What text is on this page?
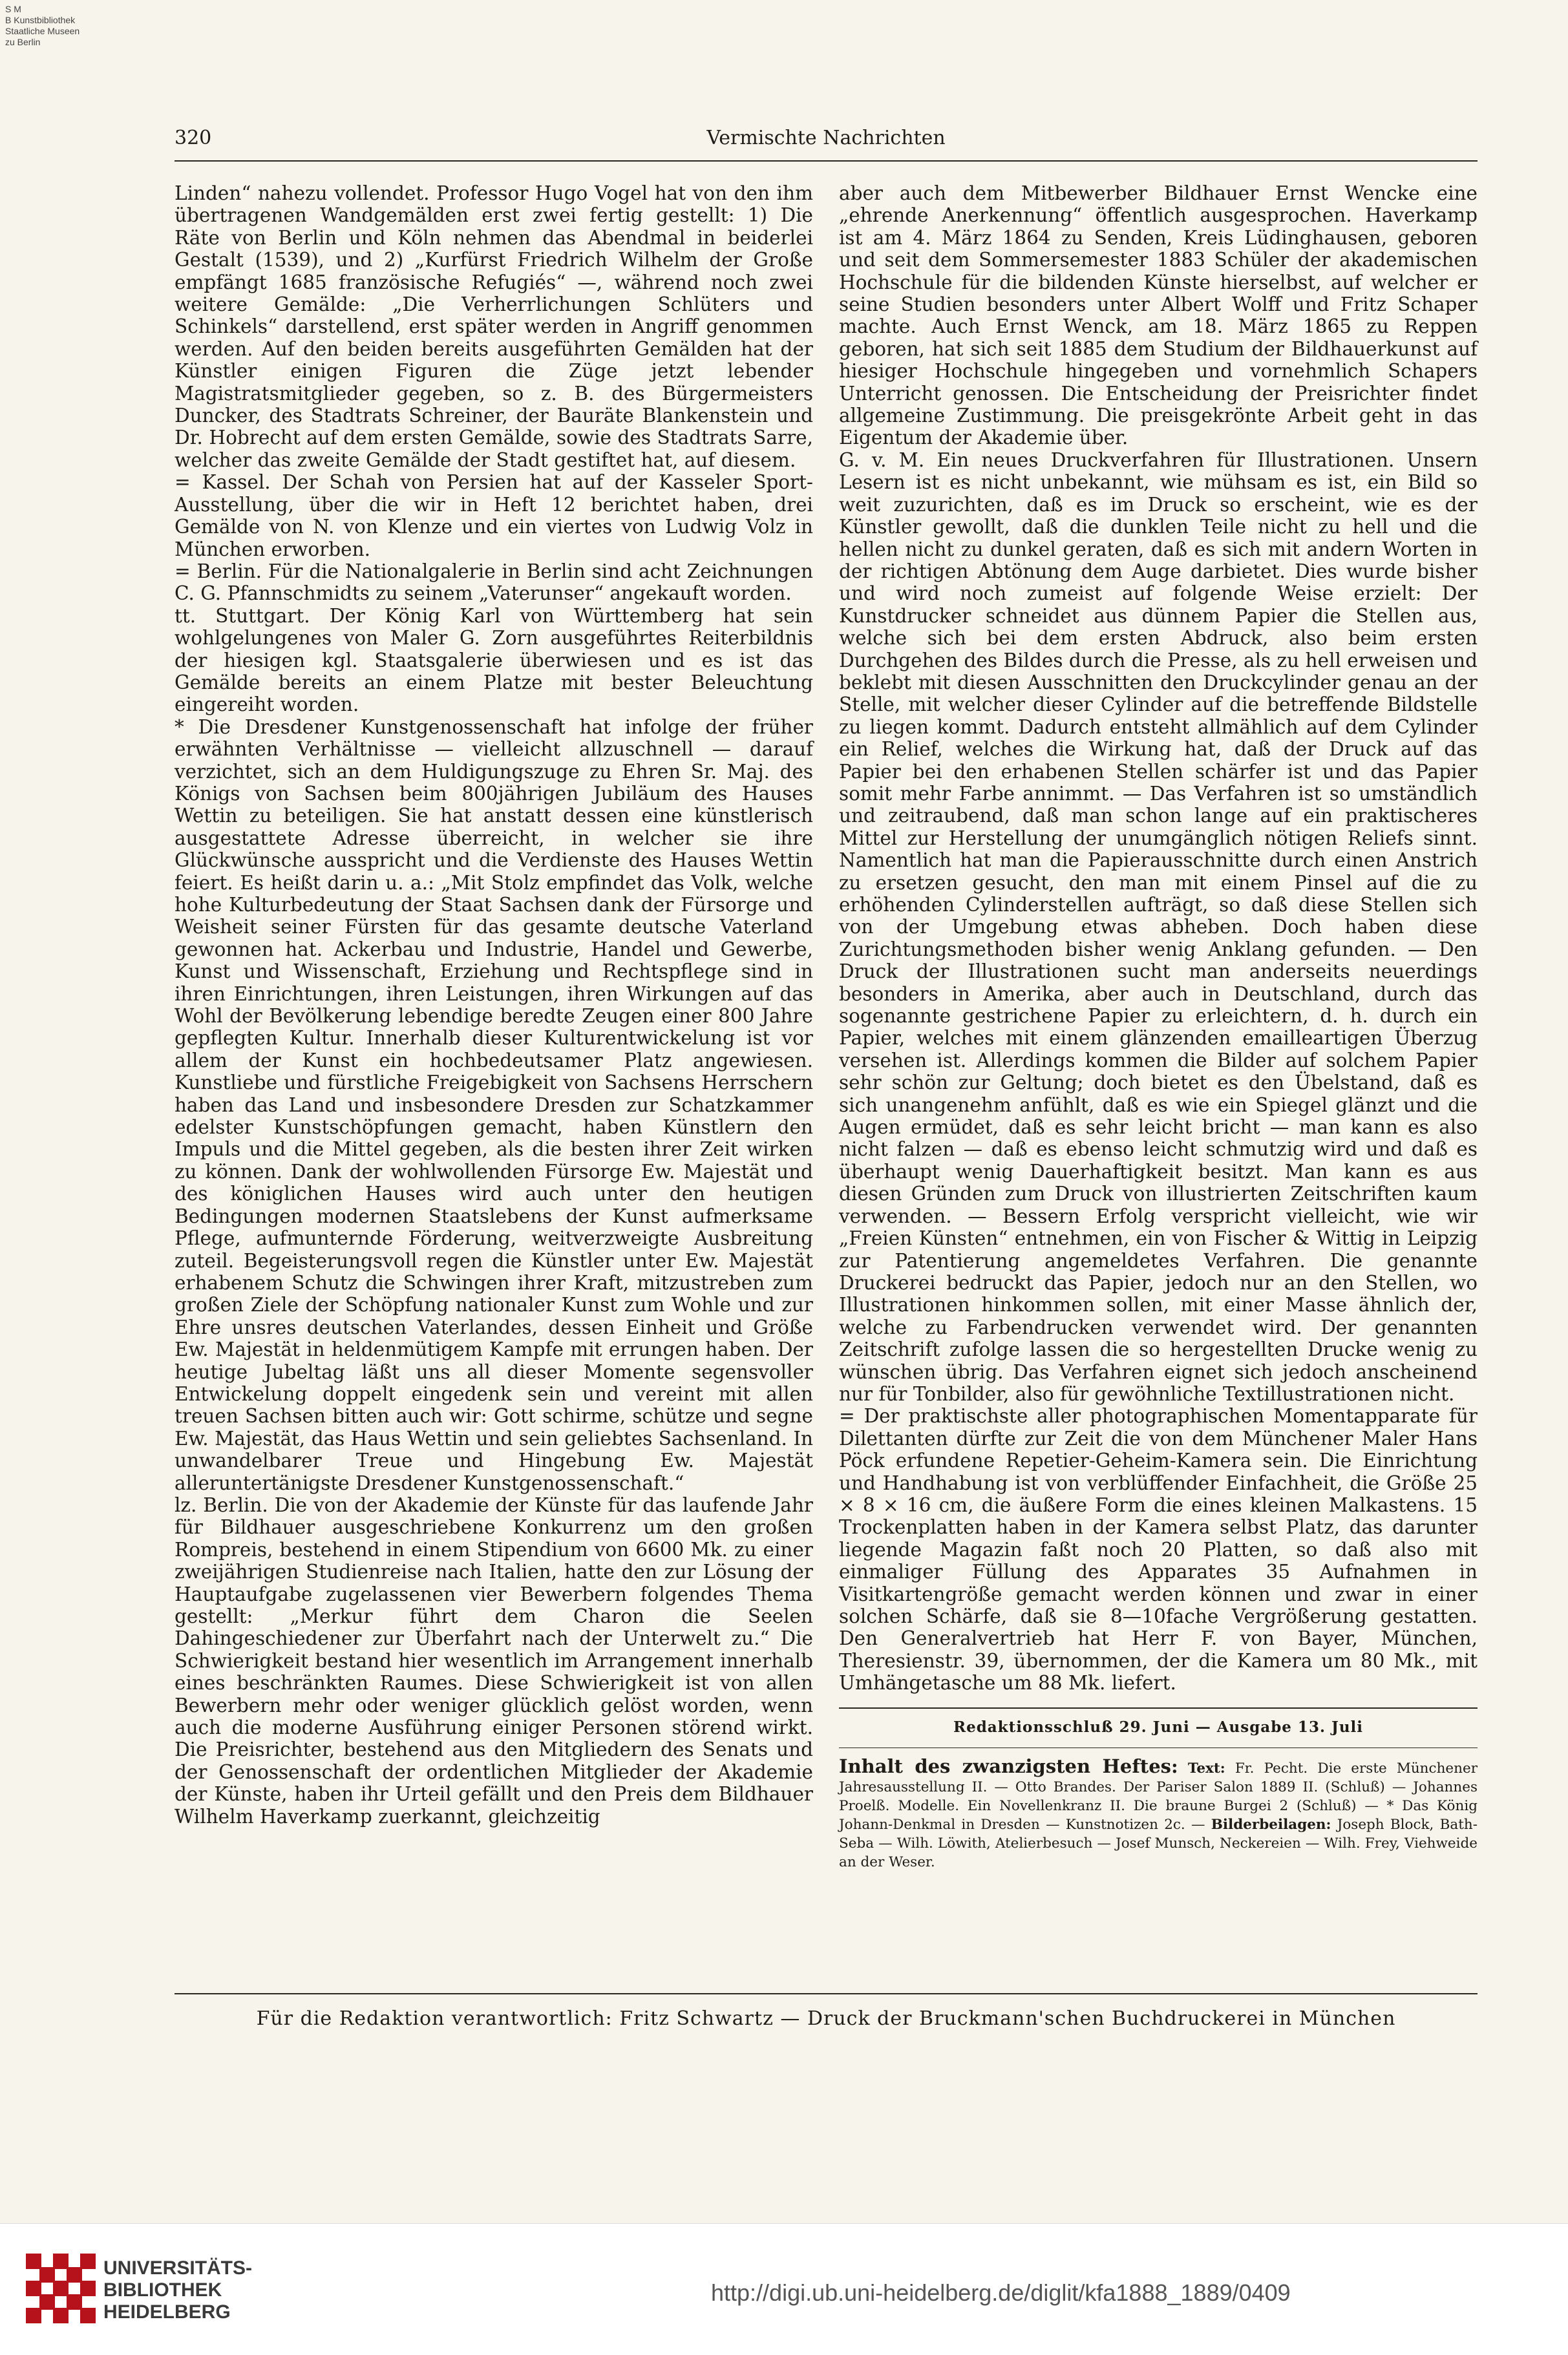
S M
B Kunstbibliothek
Staatliche Museen
zu Berlin
320	Vermischte Nachrichten

Linden“ nahezu vollendet. Professor Hugo Vogel hat von den ihm übertragenen Wandgemälden erst zwei fertig gestellt: 1) Die Räte von Berlin und Köln nehmen das Abendmal in beiderlei Gestalt (1539), und 2) „Kurfürst Friedrich Wilhelm der Große empfängt 1685 französische Refugiés“ —, während noch zwei weitere Gemälde: „Die Verherrlichungen Schlüters und Schinkels“ darstellend, erst später werden in Angriff genommen werden. Auf den beiden bereits ausgeführten Gemälden hat der Künstler einigen Figuren die Züge jetzt lebender Magistratsmitglieder gegeben, so z. B. des Bürgermeisters Duncker, des Stadtrats Schreiner, der Bauräte Blankenstein und Dr. Hobrecht auf dem ersten Gemälde, sowie des Stadtrats Sarre, welcher das zweite Gemälde der Stadt gestiftet hat, auf diesem.

= Kassel. Der Schah von Persien hat auf der Kasseler Sport-Ausstellung, über die wir in Heft 12 berichtet haben, drei Gemälde von N. von Klenze und ein viertes von Ludwig Volz in München erworben.

= Berlin. Für die Nationalgalerie in Berlin sind acht Zeichnungen C. G. Pfannschmidts zu seinem „Vaterunser“ angekauft worden.

tt. Stuttgart. Der König Karl von Württemberg hat sein wohlgelungenes von Maler G. Zorn ausgeführtes Reiterbildnis der hiesigen kgl. Staatsgalerie überwiesen und es ist das Gemälde bereits an einem Platze mit bester Beleuchtung eingereiht worden.

* Die Dresdener Kunstgenossenschaft hat infolge der früher erwähnten Verhältnisse — vielleicht allzuschnell — darauf verzichtet, sich an dem Huldigungszuge zu Ehren Sr. Maj. des Königs von Sachsen beim 800jährigen Jubiläum des Hauses Wettin zu beteiligen. Sie hat anstatt dessen eine künstlerisch ausgestattete Adresse überreicht, in welcher sie ihre Glückwünsche ausspricht und die Verdienste des Hauses Wettin feiert. Es heißt darin u. a.: „Mit Stolz empfindet das Volk, welche hohe Kulturbedeutung der Staat Sachsen dank der Fürsorge und Weisheit seiner Fürsten für das gesamte deutsche Vaterland gewonnen hat. Ackerbau und Industrie, Handel und Gewerbe, Kunst und Wissenschaft, Erziehung und Rechtspflege sind in ihren Einrichtungen, ihren Leistungen, ihren Wirkungen auf das Wohl der Bevölkerung lebendige beredte Zeugen einer 800 Jahre gepflegten Kultur. Innerhalb dieser Kulturentwickelung ist vor allem der Kunst ein hochbedeutsamer Platz angewiesen. Kunstliebe und fürstliche Freigebigkeit von Sachsens Herrschern haben das Land und insbesondere Dresden zur Schatzkammer edelster Kunstschöpfungen gemacht, haben Künstlern den Impuls und die Mittel gegeben, als die besten ihrer Zeit wirken zu können. Dank der wohlwollenden Fürsorge Ew. Majestät und des königlichen Hauses wird auch unter den heutigen Bedingungen modernen Staatslebens der Kunst aufmerksame Pflege, aufmunternde Förderung, weitverzweigte Ausbreitung zuteil. Begeisterungsvoll regen die Künstler unter Ew. Majestät erhabenem Schutz die Schwingen ihrer Kraft, mitzustreben zum großen Ziele der Schöpfung nationaler Kunst zum Wohle und zur Ehre unsres deutschen Vaterlandes, dessen Einheit und Größe Ew. Majestät in heldenmütigem Kampfe mit errungen haben. Der heutige Jubeltag läßt uns all dieser Momente segensvoller Entwickelung doppelt eingedenk sein und vereint mit allen treuen Sachsen bitten auch wir: Gott schirme, schütze und segne Ew. Majestät, das Haus Wettin und sein geliebtes Sachsenland. In unwandelbarer Treue und Hingebung Ew. Majestät alleruntertänigste Dresdener Kunstgenossenschaft.“

lz. Berlin. Die von der Akademie der Künste für das laufende Jahr für Bildhauer ausgeschriebene Konkurrenz um den großen Rompreis, bestehend in einem Stipendium von 6600 Mk. zu einer zweijährigen Studienreise nach Italien, hatte den zur Lösung der Hauptaufgabe zugelassenen vier Bewerbern folgendes Thema gestellt: „Merkur führt dem Charon die Seelen Dahingeschiedener zur Überfahrt nach der Unterwelt zu.“ Die Schwierigkeit bestand hier wesentlich im Arrangement innerhalb eines beschränkten Raumes. Diese Schwierigkeit ist von allen Bewerbern mehr oder weniger glücklich gelöst worden, wenn auch die moderne Ausführung einiger Personen störend wirkt. Die Preisrichter, bestehend aus den Mitgliedern des Senats und der Genossenschaft der ordentlichen Mitglieder der Akademie der Künste, haben ihr Urteil gefällt und den Preis dem Bildhauer Wilhelm Haverkamp zuerkannt, gleichzeitig

aber auch dem Mitbewerber Bildhauer Ernst Wencke eine „ehrende Anerkennung“ öffentlich ausgesprochen. Haverkamp ist am 4. März 1864 zu Senden, Kreis Lüdinghausen, geboren und seit dem Sommersemester 1883 Schüler der akademischen Hochschule für die bildenden Künste hierselbst, auf welcher er seine Studien besonders unter Albert Wolff und Fritz Schaper machte. Auch Ernst Wenck, am 18. März 1865 zu Reppen geboren, hat sich seit 1885 dem Studium der Bildhauerkunst auf hiesiger Hochschule hingegeben und vornehmlich Schapers Unterricht genossen. Die Entscheidung der Preisrichter findet allgemeine Zustimmung. Die preisgekrönte Arbeit geht in das Eigentum der Akademie über.

G. v. M. Ein neues Druckverfahren für Illustrationen. Unsern Lesern ist es nicht unbekannt, wie mühsam es ist, ein Bild so weit zuzurichten, daß es im Druck so erscheint, wie es der Künstler gewollt, daß die dunklen Teile nicht zu hell und die hellen nicht zu dunkel geraten, daß es sich mit andern Worten in der richtigen Abtönung dem Auge darbietet. Dies wurde bisher und wird noch zumeist auf folgende Weise erzielt: Der Kunstdrucker schneidet aus dünnem Papier die Stellen aus, welche sich bei dem ersten Abdruck, also beim ersten Durchgehen des Bildes durch die Presse, als zu hell erweisen und beklebt mit diesen Ausschnitten den Druckcylinder genau an der Stelle, mit welcher dieser Cylinder auf die betreffende Bildstelle zu liegen kommt. Dadurch entsteht allmählich auf dem Cylinder ein Relief, welches die Wirkung hat, daß der Druck auf das Papier bei den erhabenen Stellen schärfer ist und das Papier somit mehr Farbe annimmt. — Das Verfahren ist so umständlich und zeitraubend, daß man schon lange auf ein praktischeres Mittel zur Herstellung der unumgänglich nötigen Reliefs sinnt. Namentlich hat man die Papierausschnitte durch einen Anstrich zu ersetzen gesucht, den man mit einem Pinsel auf die zu erhöhenden Cylinderstellen aufträgt, so daß diese Stellen sich von der Umgebung etwas abheben. Doch haben diese Zurichtungsmethoden bisher wenig Anklang gefunden. — Den Druck der Illustrationen sucht man anderseits neuerdings besonders in Amerika, aber auch in Deutschland, durch das sogenannte gestrichene Papier zu erleichtern, d. h. durch ein Papier, welches mit einem glänzenden emailleartigen Überzug versehen ist. Allerdings kommen die Bilder auf solchem Papier sehr schön zur Geltung; doch bietet es den Übelstand, daß es sich unangenehm anfühlt, daß es wie ein Spiegel glänzt und die Augen ermüdet, daß es sehr leicht bricht — man kann es also nicht falzen — daß es ebenso leicht schmutzig wird und daß es überhaupt wenig Dauerhaftigkeit besitzt. Man kann es aus diesen Gründen zum Druck von illustrierten Zeitschriften kaum verwenden. — Bessern Erfolg verspricht vielleicht, wie wir „Freien Künsten“ entnehmen, ein von Fischer & Wittig in Leipzig zur Patentierung angemeldetes Verfahren. Die genannte Druckerei bedruckt das Papier, jedoch nur an den Stellen, wo Illustrationen hinkommen sollen, mit einer Masse ähnlich der, welche zu Farbendrucken verwendet wird. Der genannten Zeitschrift zufolge lassen die so hergestellten Drucke wenig zu wünschen übrig. Das Verfahren eignet sich jedoch anscheinend nur für Tonbilder, also für gewöhnliche Textillustrationen nicht.

= Der praktischste aller photographischen Momentapparate für Dilettanten dürfte zur Zeit die von dem Münchener Maler Hans Pöck erfundene Repetier-Geheim-Kamera sein. Die Einrichtung und Handhabung ist von verblüffender Einfachheit, die Größe 25 × 8 × 16 cm, die äußere Form die eines kleinen Malkastens. 15 Trockenplatten haben in der Kamera selbst Platz, das darunter liegende Magazin faßt noch 20 Platten, so daß also mit einmaliger Füllung des Apparates 35 Aufnahmen in Visitkartengröße gemacht werden können und zwar in einer solchen Schärfe, daß sie 8—10fache Vergrößerung gestatten. Den Generalvertrieb hat Herr F. von Bayer, München, Theresienstr. 39, übernommen, der die Kamera um 80 Mk., mit Umhängetasche um 88 Mk. liefert.

Redaktionsschluß 29. Juni — Ausgabe 13. Juli
Inhalt des zwanzigsten Heftes: Text: Fr. Pecht. Die erste Münchener Jahresausstellung II. — Otto Brandes. Der Pariser Salon 1889 II. (Schluß) — Johannes Proelß. Modelle. Ein Novellenkranz II. Die braune Burgei 2 (Schluß) — * Das König Johann-Denkmal in Dresden — Kunstnotizen 2c. — Bilderbeilagen: Joseph Block, Bath-Seba — Wilh. Löwith, Atelierbesuch — Josef Munsch, Neckereien — Wilh. Frey, Viehweide an der Weser.
Für die Redaktion verantwortlich: Fritz Schwartz — Druck der Bruckmann'schen Buchdruckerei in München
UNIVERSITÄTS-
BIBLIOTHEK
HEIDELBERG
http://digi.ub.uni-heidelberg.de/diglit/kfa1888_1889/0409
